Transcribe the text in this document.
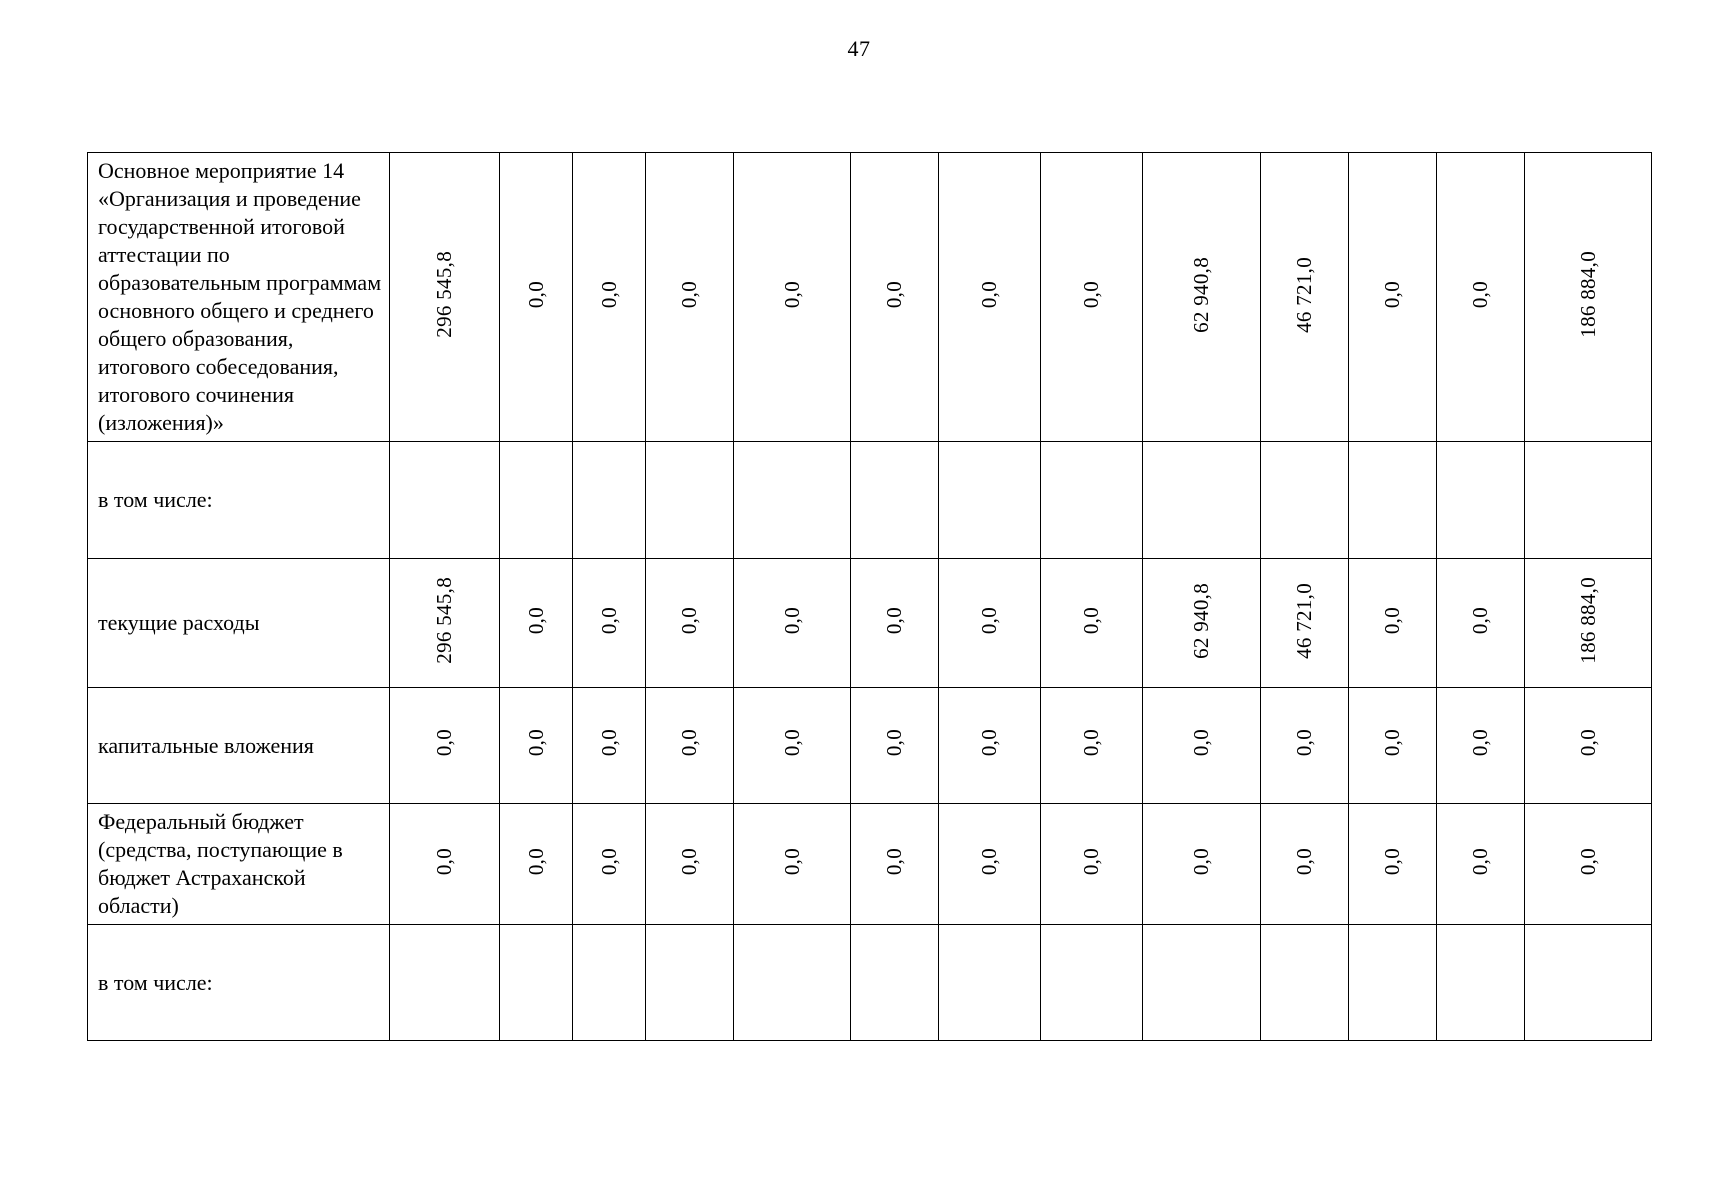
47
Основное мероприятие 14 «Организация и проведение государственной итоговой аттестации по образовательным программам основного общего и среднего общего образования, итогового собеседования, итогового сочинения (изложения)»	296 545,8	0,0	0,0	0,0	0,0	0,0	0,0	0,0	62 940,8	46 721,0	0,0	0,0	186 884,0
в том числе:													
текущие расходы	296 545,8	0,0	0,0	0,0	0,0	0,0	0,0	0,0	62 940,8	46 721,0	0,0	0,0	186 884,0
капитальные вложения	0,0	0,0	0,0	0,0	0,0	0,0	0,0	0,0	0,0	0,0	0,0	0,0	0,0
Федеральный бюджет (средства, поступающие в бюджет Астраханской области)	0,0	0,0	0,0	0,0	0,0	0,0	0,0	0,0	0,0	0,0	0,0	0,0	0,0
в том числе:													
